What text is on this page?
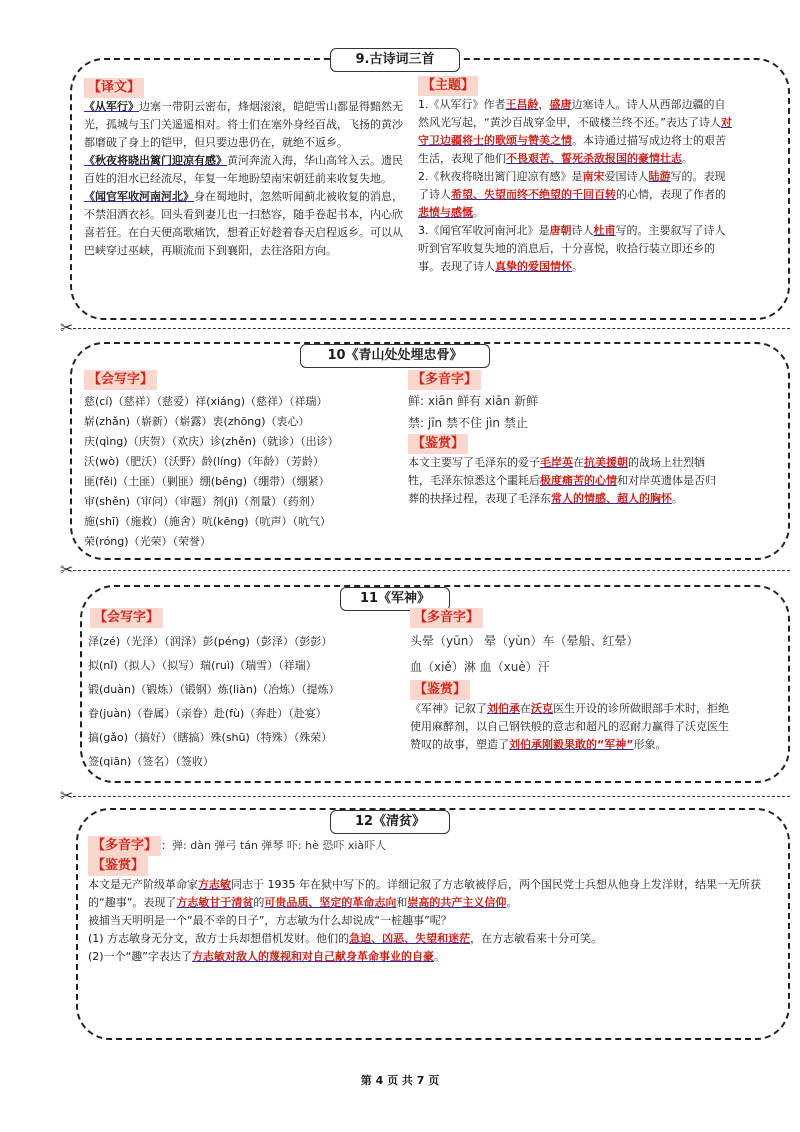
9.古诗词三首
【译文】

《从军行》边塞一带阴云密布，烽烟滚滚，皑皑雪山都显得黯然无光，孤城与玉门关遥遥相对。将士们在塞外身经百战，飞扬的黄沙都磨破了身上的铠甲，但只要边患仍在，就绝不返乡。

《秋夜将晓出篱门迎凉有感》黄河奔流入海，华山高耸入云。遗民百姓的泪水已经流尽，年复一年地盼望南宋朝廷前来收复失地。

《闻官军收河南河北》身在蜀地时，忽然听闻蓟北被收复的消息，不禁泪洒衣衫。回头看到妻儿也一扫愁容，随手卷起书本，内心欣喜若狂。在白天便高歌痛饮，想着正好趁着春天启程返乡。可以从巴峡穿过巫峡，再顺流而下到襄阳，去往洛阳方向。

【主题】

1.《从军行》作者王昌龄，盛唐边塞诗人。诗人从西部边疆的自然风光写起，“黄沙百战穿金甲，不破楼兰终不还。”表达了诗人对守卫边疆将士的歌颂与赞美之情。本诗通过描写成边将士的艰苦生活，表现了他们不畏艰苦、誓死杀敌报国的豪情壮志。

2.《秋夜将晓出篱门迎凉有感》是南宋爱国诗人陆游写的。表现了诗人希望、失望而终不绝望的千回百转的心情，表现了作者的悲愤与感慨。

3.《闻官军收河南河北》是唐朝诗人杜甫写的。主要叙写了诗人听到官军收复失地的消息后，十分喜悦，收拾行装立即还乡的事。表现了诗人真挚的爱国情怀。

✂
10《青山处处埋忠骨》
【会写字】
慈(cí)（慈祥）（慈爱）祥(xiáng)（慈祥）（祥瑞）
崭(zhǎn)（崭新）（崭露）衷(zhōng)（衷心）
庆(qìng)（庆贺）（欢庆）诊(zhěn)（就诊）（出诊）
沃(wò)（肥沃）（沃野）龄(líng)（年龄）（芳龄）
匪(fěi)（土匪）（剿匪）绷(bēng)（绷带）（绷紧）
审(shěn)（审问）（审题）剂(jì)（剂量）（药剂）
施(shī)（施救）（施舍）吭(kēng)（吭声）（吭气）
荣(róng)（光荣）（荣誉）
【多音字】

鲜: xiān 鲜有 xiān 新鲜

禁: jīn 禁不住 jìn 禁止

【鉴赏】

本文主要写了毛泽东的爱子毛岸英在抗美援朝的战场上壮烈牺牲，毛泽东惊悉这个噩耗后极度痛苦的心情和对岸英遗体是否归葬的抉择过程，表现了毛泽东常人的情感、超人的胸怀。

✂
11《军神》
【会写字】
泽(zé)（光泽）（润泽）彭(péng)（彭泽）（彭彭）
拟(nǐ)（拟人）（拟写）瑞(ruì)（瑞雪）（祥瑞）
锻(duàn)（锻炼）（锻钢）炼(liàn)（冶炼）（提炼）
眷(juàn)（眷属）（亲眷）赴(fù)（奔赴）（赴宴）
搞(gǎo)（搞好）（瞎搞）殊(shū)（特殊）（殊荣）
签(qiān)（签名）（签收）
【多音字】

头晕（yūn） 晕（yùn）车（晕船、红晕）

血（xiě）淋 血（xuè）汗

【鉴赏】

《军神》记叙了刘伯承在沃克医生开设的诊所做眼部手术时，拒绝使用麻醉剂，以自己钢铁般的意志和超凡的忍耐力赢得了沃克医生赞叹的故事，塑造了刘伯承刚毅果敢的“军神”形象。

✂
12《清贫》

【多音字】 ：弹: dàn 弹弓 tán 弹琴 吓: hè 恐吓 xià吓人

【鉴赏】

本文是无产阶级革命家方志敏同志于 1935 年在狱中写下的。详细记叙了方志敏被俘后，两个国民党士兵想从他身上发洋财，结果一无所获的“趣事”。表现了方志敏甘于清贫的可贵品质、坚定的革命志向和崇高的共产主义信仰。

被捕当天明明是一个“最不幸的日子”，方志敏为什么却说成“一桩趣事”呢？

(1) 方志敏身无分文，敌方士兵却想借机发财。他们的急迫、凶恶、失望和迷茫，在方志敏看来十分可笑。

(2)一个“趣”字表达了方志敏对敌人的蔑视和对自己献身革命事业的自豪。

第 4 页 共 7 页
